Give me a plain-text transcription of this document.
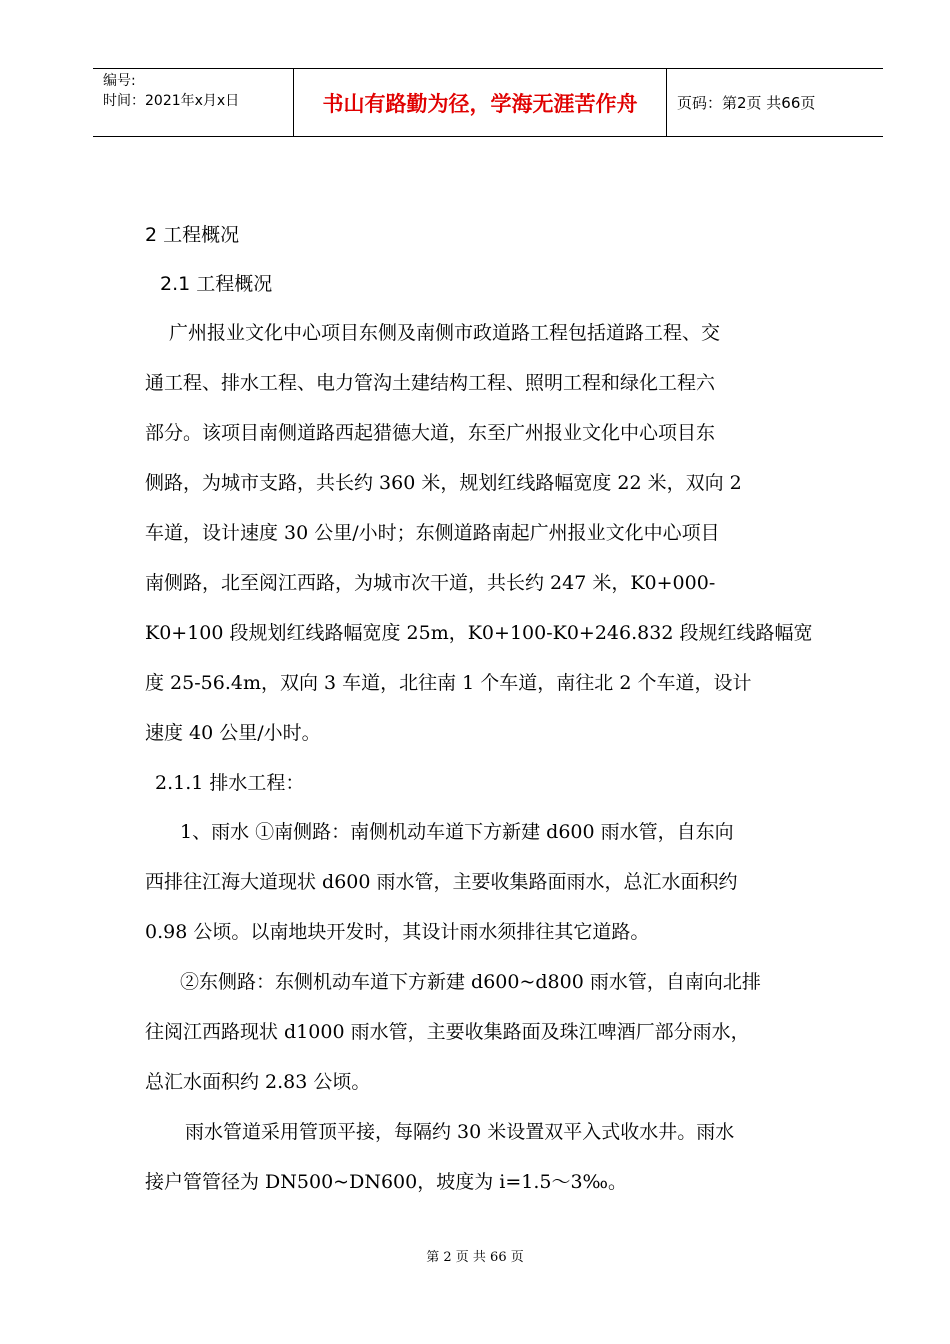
编号:
时间：2021年x月x日	书山有路勤为径，学海无涯苦作舟	页码：第2页 共66页
2 工程概况
2.1 工程概况
广州报业文化中心项目东侧及南侧市政道路工程包括道路工程、交
通工程、排水工程、电力管沟土建结构工程、照明工程和绿化工程六
部分。该项目南侧道路西起猎德大道，东至广州报业文化中心项目东
侧路，为城市支路，共长约 360 米，规划红线路幅宽度 22 米，双向 2
车道，设计速度 30 公里/小时；东侧道路南起广州报业文化中心项目
南侧路，北至阅江西路，为城市次干道，共长约 247 米，K0+000-
K0+100 段规划红线路幅宽度 25m，K0+100-K0+246.832 段规红线路幅宽
度 25-56.4m，双向 3 车道，北往南 1 个车道，南往北 2 个车道，设计
速度 40 公里/小时。
2.1.1 排水工程：
1、雨水 ①南侧路：南侧机动车道下方新建 d600 雨水管，自东向
西排往江海大道现状 d600 雨水管，主要收集路面雨水，总汇水面积约
0.98 公顷。以南地块开发时，其设计雨水须排往其它道路。
②东侧路：东侧机动车道下方新建 d600~d800 雨水管，自南向北排
往阅江西路现状 d1000 雨水管，主要收集路面及珠江啤酒厂部分雨水，
总汇水面积约 2.83 公顷。
雨水管道采用管顶平接，每隔约 30 米设置双平入式收水井。雨水
接户管管径为 DN500~DN600，坡度为 i=1.5～3‰。
第 2 页 共 66 页
